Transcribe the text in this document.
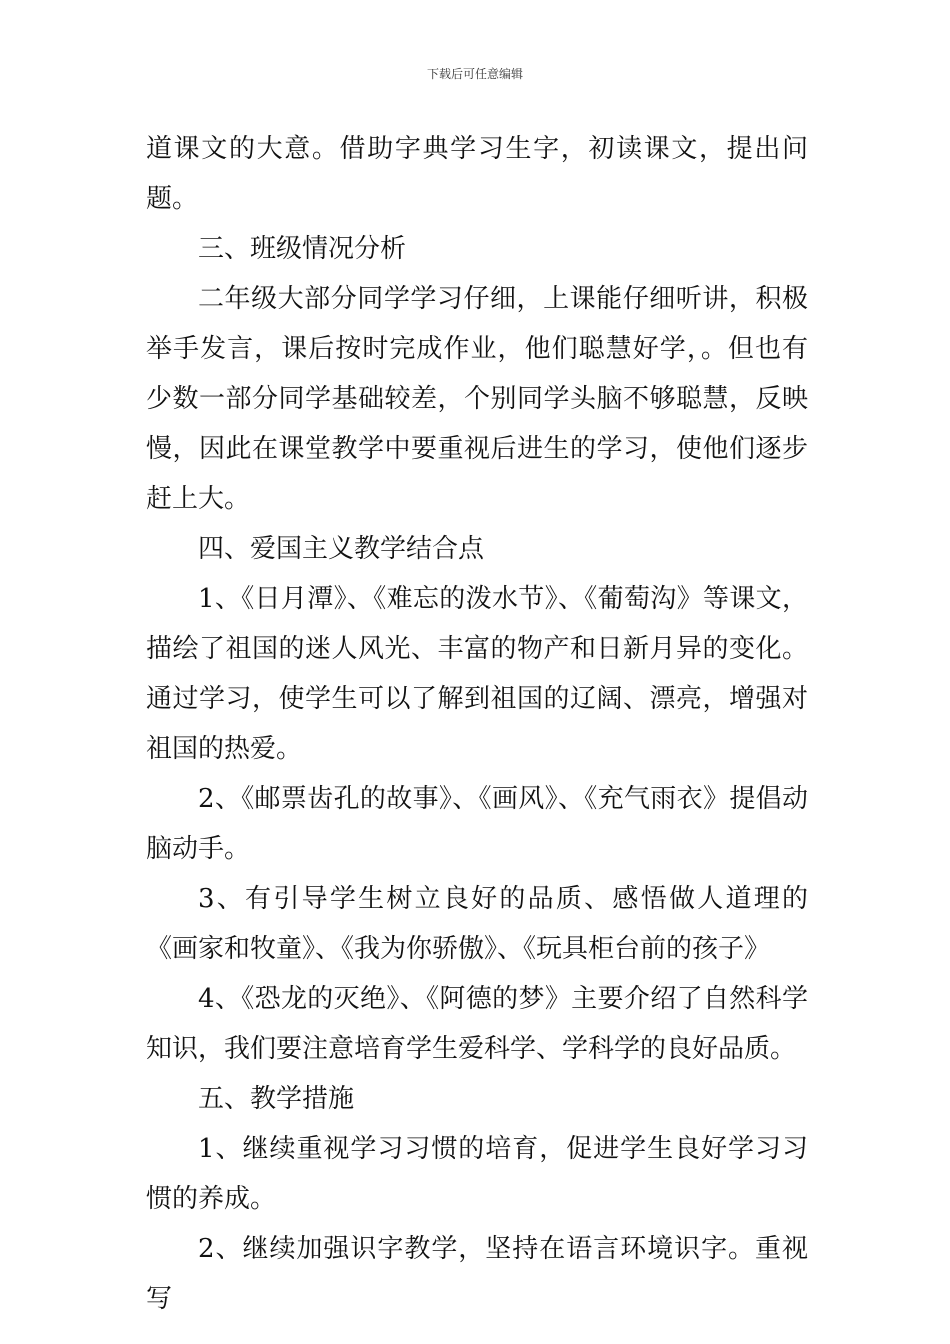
下载后可任意编辑

道课文的大意。借助字典学习生字，初读课文，提出问题。

三、班级情况分析

二年级大部分同学学习仔细，上课能仔细听讲，积极举手发言，课后按时完成作业，他们聪慧好学，。但也有少数一部分同学基础较差，个别同学头脑不够聪慧，反映慢，因此在课堂教学中要重视后进生的学习，使他们逐步赶上大。

四、爱国主义教学结合点

1、《日月潭》、《难忘的泼水节》、《葡萄沟》等课文，描绘了祖国的迷人风光、丰富的物产和日新月异的变化。通过学习，使学生可以了解到祖国的辽阔、漂亮，增强对祖国的热爱。

2、《邮票齿孔的故事》、《画风》、《充气雨衣》提倡动脑动手。

3、有引导学生树立良好的品质、感悟做人道理的《画家和牧童》、《我为你骄傲》、《玩具柜台前的孩子》

4、《恐龙的灭绝》、《阿德的梦》主要介绍了自然科学知识，我们要注意培育学生爱科学、学科学的良好品质。

五、教学措施

1、继续重视学习习惯的培育，促进学生良好学习习惯的养成。

2、继续加强识字教学，坚持在语言环境识字。重视写
